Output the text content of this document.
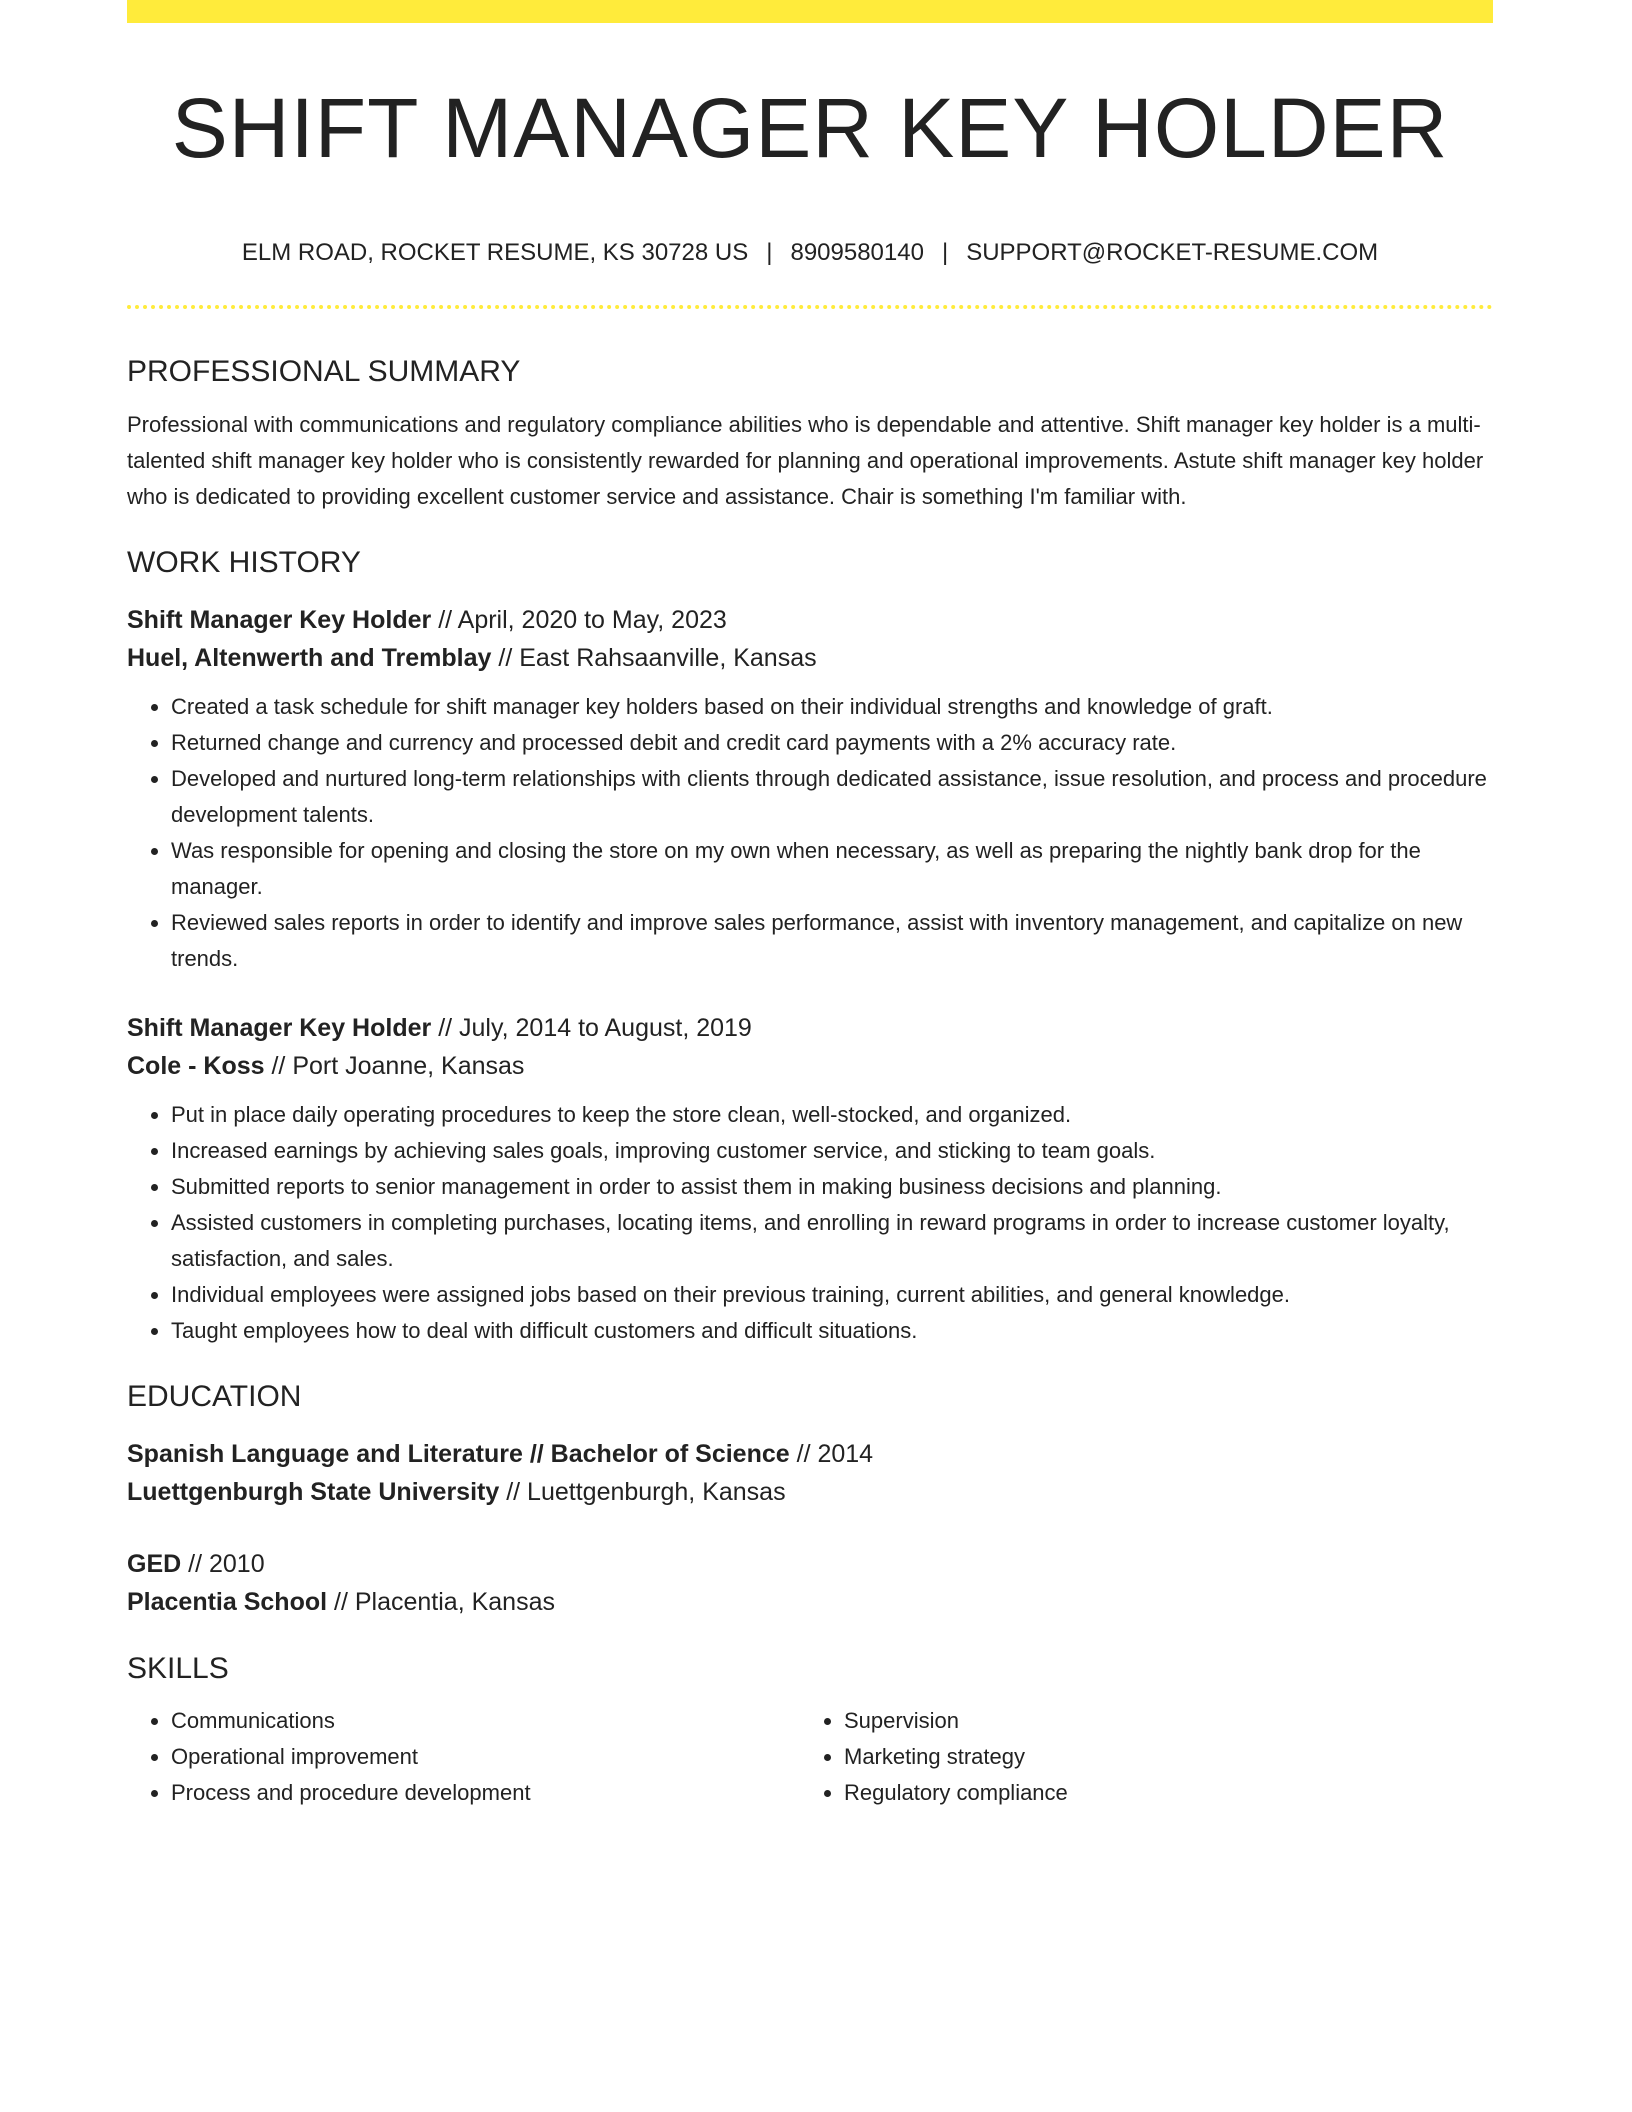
SHIFT MANAGER KEY HOLDER
ELM ROAD, ROCKET RESUME, KS 30728 US | 8909580140 | SUPPORT@ROCKET-RESUME.COM
PROFESSIONAL SUMMARY

Professional with communications and regulatory compliance abilities who is dependable and attentive. Shift manager key holder is a multi-talented shift manager key holder who is consistently rewarded for planning and operational improvements. Astute shift manager key holder who is dedicated to providing excellent customer service and assistance. Chair is something I'm familiar with.

WORK HISTORY
Shift Manager Key Holder // April, 2020 to May, 2023
Huel, Altenwerth and Tremblay // East Rahsaanville, Kansas
• Created a task schedule for shift manager key holders based on their individual strengths and knowledge of graft.
• Returned change and currency and processed debit and credit card payments with a 2% accuracy rate.
• Developed and nurtured long-term relationships with clients through dedicated assistance, issue resolution, and process and procedure development talents.
• Was responsible for opening and closing the store on my own when necessary, as well as preparing the nightly bank drop for the manager.
• Reviewed sales reports in order to identify and improve sales performance, assist with inventory management, and capitalize on new trends.
Shift Manager Key Holder // July, 2014 to August, 2019
Cole - Koss // Port Joanne, Kansas
• Put in place daily operating procedures to keep the store clean, well-stocked, and organized.
• Increased earnings by achieving sales goals, improving customer service, and sticking to team goals.
• Submitted reports to senior management in order to assist them in making business decisions and planning.
• Assisted customers in completing purchases, locating items, and enrolling in reward programs in order to increase customer loyalty, satisfaction, and sales.
• Individual employees were assigned jobs based on their previous training, current abilities, and general knowledge.
• Taught employees how to deal with difficult customers and difficult situations.
EDUCATION
Spanish Language and Literature // Bachelor of Science // 2014
Luettgenburgh State University // Luettgenburgh, Kansas
GED // 2010
Placentia School // Placentia, Kansas
SKILLS
• Communications
• Operational improvement
• Process and procedure development
• Supervision
• Marketing strategy
• Regulatory compliance
